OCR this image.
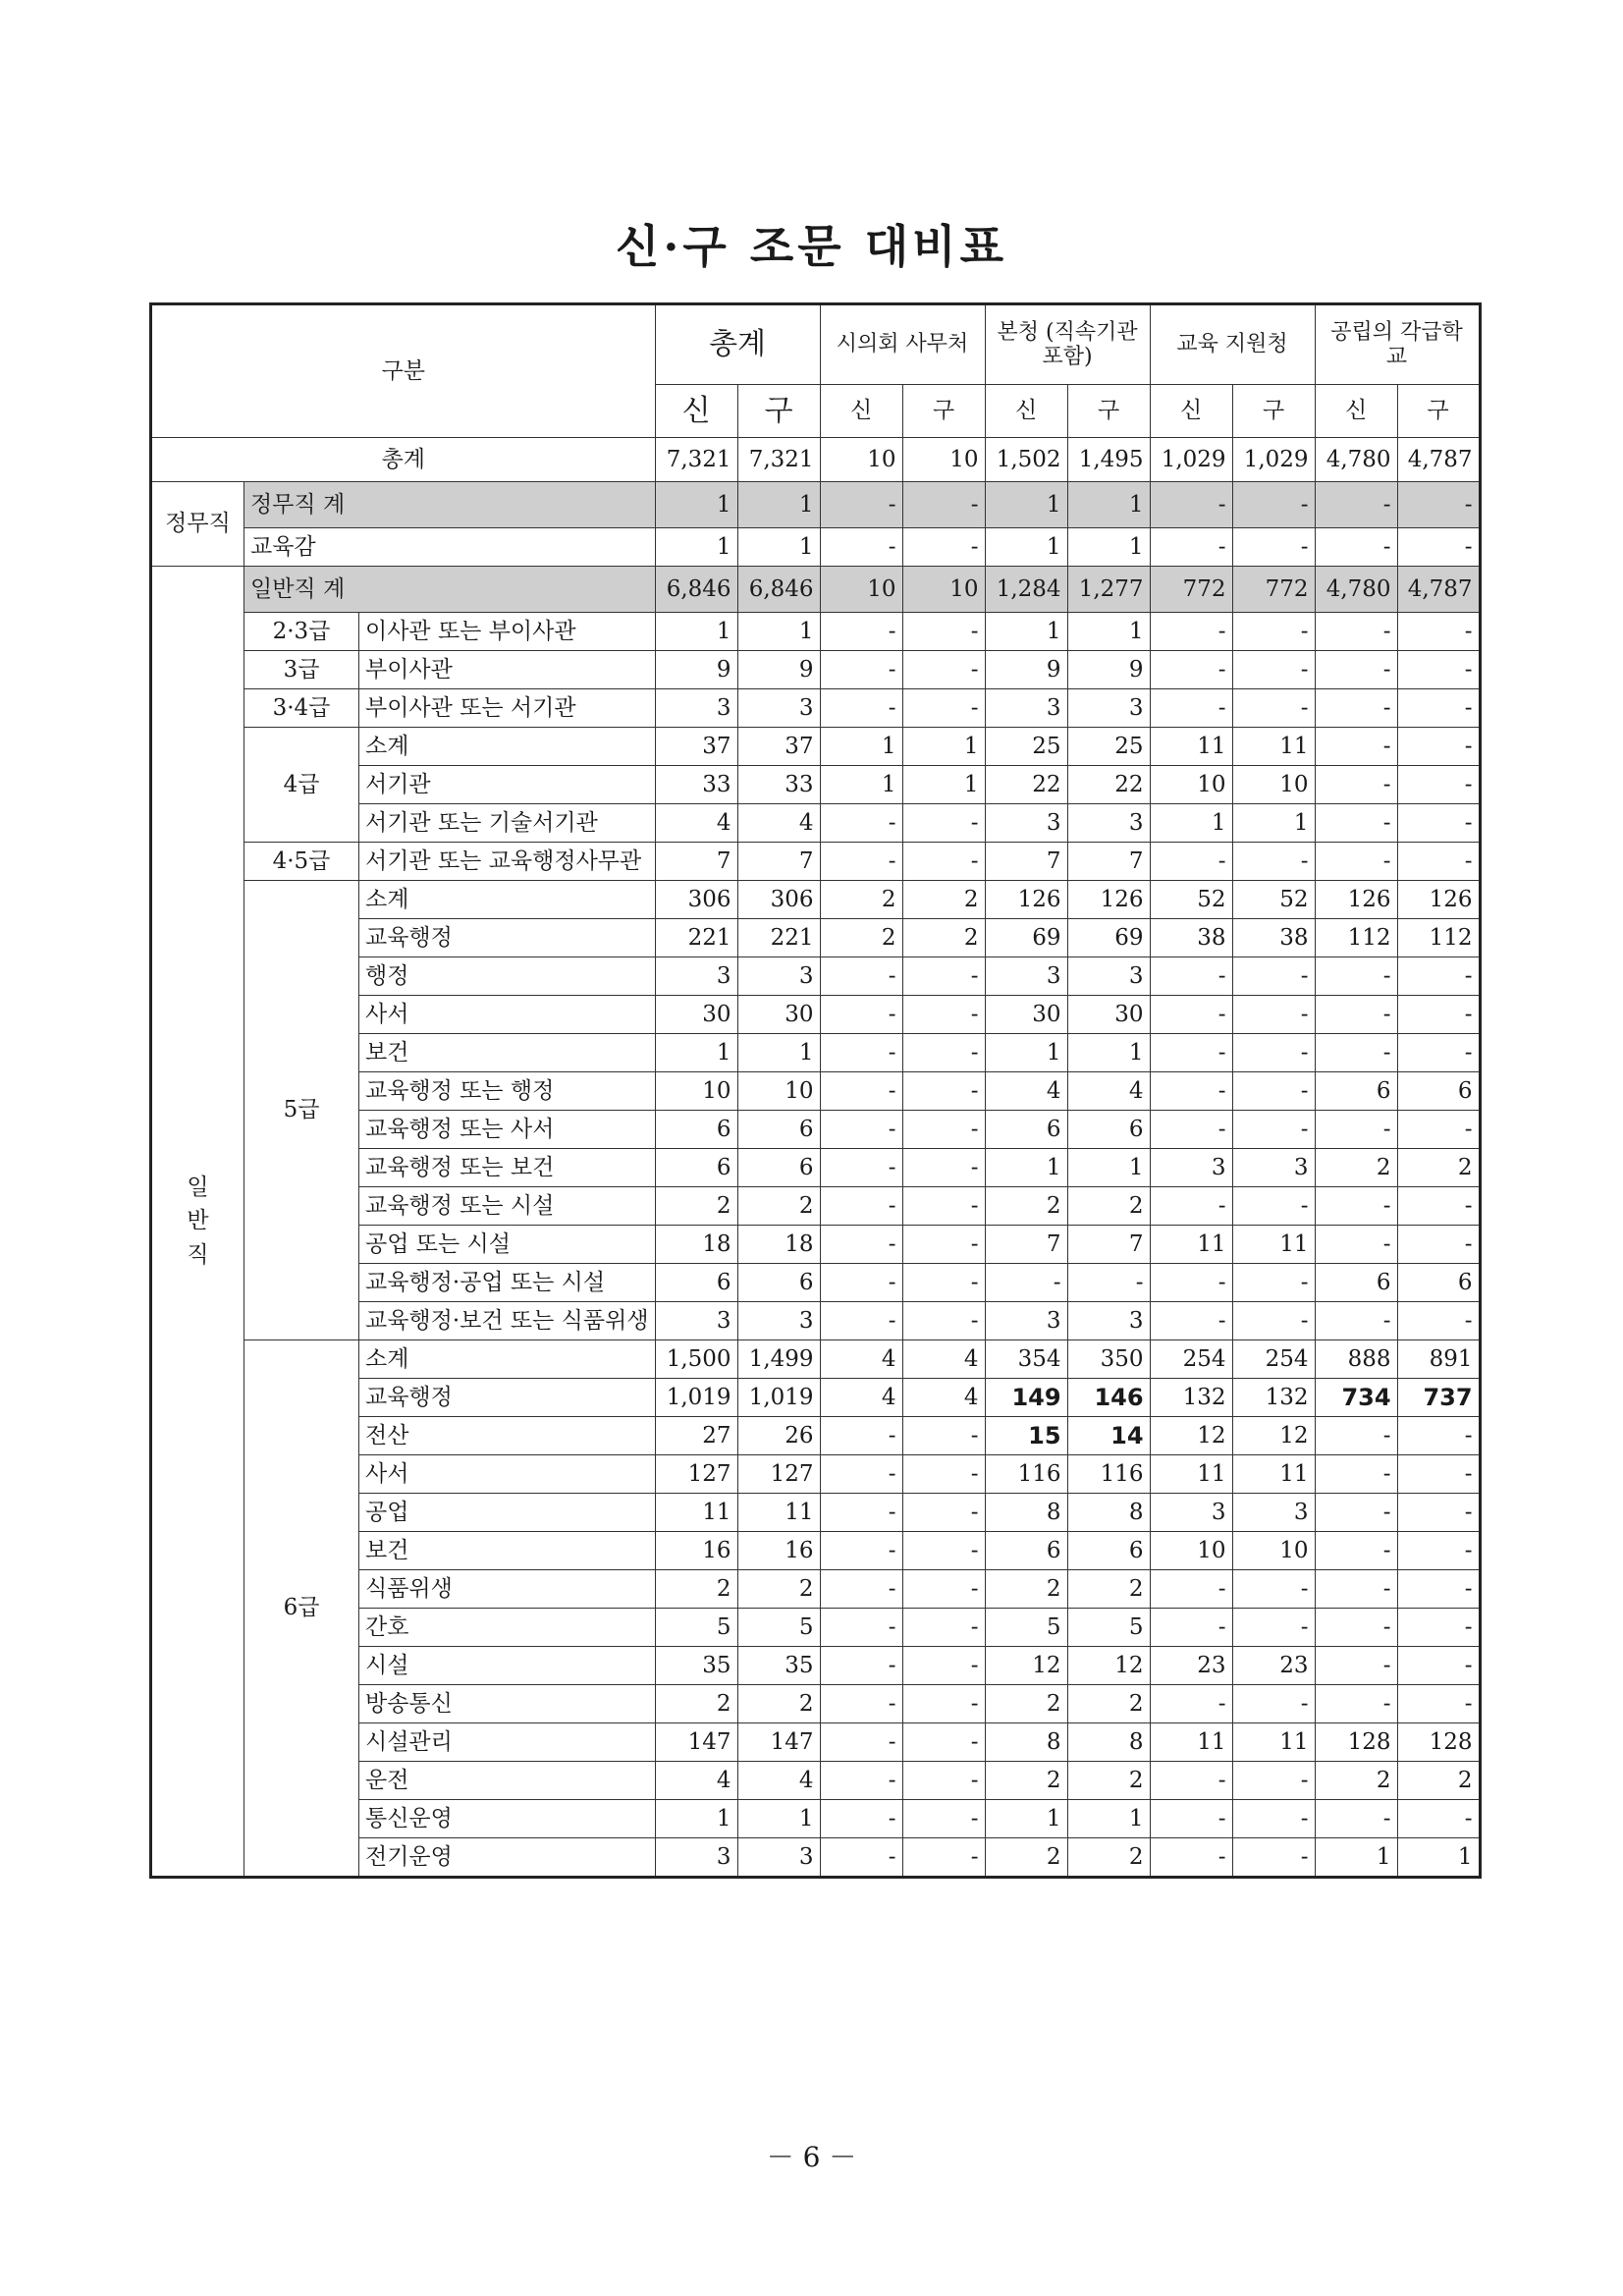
신·구 조문 대비표
구분			총계		시의회 사무처		본청 (직속기관 포함)		교육 지원청		공립의 각급학교	
			신	구	신	구	신	구	신	구	신	구
총계			7,321	7,321	10	10	1,502	1,495	1,029	1,029	4,780	4,787
정무직	정무직 계		1	1	-	-	1	1	-	-	-	-
	교육감		1	1	-	-	1	1	-	-	-	-
일반직	일반직 계		6,846	6,846	10	10	1,284	1,277	772	772	4,780	4,787
	2·3급	이사관 또는 부이사관	1	1	-	-	1	1	-	-	-	-
	3급	부이사관	9	9	-	-	9	9	-	-	-	-
	3·4급	부이사관 또는 서기관	3	3	-	-	3	3	-	-	-	-
	4급	소계	37	37	1	1	25	25	11	11	-	-
		서기관	33	33	1	1	22	22	10	10	-	-
		서기관 또는 기술서기관	4	4	-	-	3	3	1	1	-	-
	4·5급	서기관 또는 교육행정사무관	7	7	-	-	7	7	-	-	-	-
	5급	소계	306	306	2	2	126	126	52	52	126	126
		교육행정	221	221	2	2	69	69	38	38	112	112
		행정	3	3	-	-	3	3	-	-	-	-
		사서	30	30	-	-	30	30	-	-	-	-
		보건	1	1	-	-	1	1	-	-	-	-
		교육행정 또는 행정	10	10	-	-	4	4	-	-	6	6
		교육행정 또는 사서	6	6	-	-	6	6	-	-	-	-
		교육행정 또는 보건	6	6	-	-	1	1	3	3	2	2
		교육행정 또는 시설	2	2	-	-	2	2	-	-	-	-
		공업 또는 시설	18	18	-	-	7	7	11	11	-	-
		교육행정·공업 또는 시설	6	6	-	-	-	-	-	-	6	6
		교육행정·보건 또는 식품위생	3	3	-	-	3	3	-	-	-	-
	6급	소계	1,500	1,499	4	4	354	350	254	254	888	891
		교육행정	1,019	1,019	4	4	149	146	132	132	734	737
		전산	27	26	-	-	15	14	12	12	-	-
		사서	127	127	-	-	116	116	11	11	-	-
		공업	11	11	-	-	8	8	3	3	-	-
		보건	16	16	-	-	6	6	10	10	-	-
		식품위생	2	2	-	-	2	2	-	-	-	-
		간호	5	5	-	-	5	5	-	-	-	-
		시설	35	35	-	-	12	12	23	23	-	-
		방송통신	2	2	-	-	2	2	-	-	-	-
		시설관리	147	147	-	-	8	8	11	11	128	128
		운전	4	4	-	-	2	2	-	-	2	2
		통신운영	1	1	-	-	1	1	-	-	-	-
		전기운영	3	3	-	-	2	2	-	-	1	1
－ 6 －
